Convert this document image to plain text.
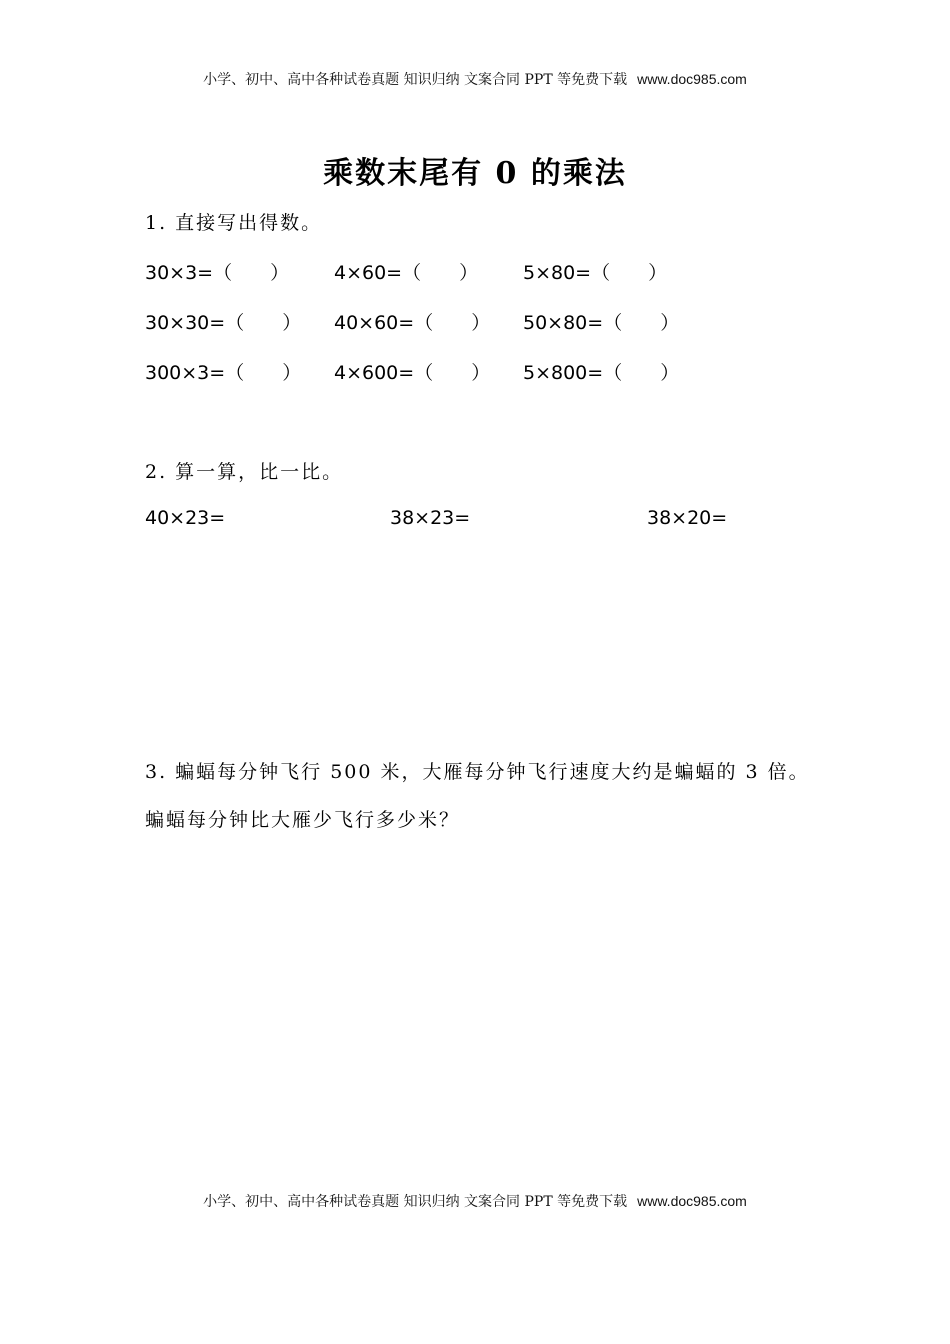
小学、初中、高中各种试卷真题 知识归纳 文案合同 PPT 等免费下载 www.doc985.com
乘数末尾有 0 的乘法
1. 直接写出得数。
30×3=（　　） 4×60=（　　） 5×80=（　　）
30×30=（　　） 40×60=（　　） 50×80=（　　）
300×3=（　　） 4×600=（　　） 5×800=（　　）
2. 算一算，比一比。
40×23=	38×23=	38×20=
3. 蝙蝠每分钟飞行 500 米，大雁每分钟飞行速度大约是蝙蝠的 3 倍。
蝙蝠每分钟比大雁少飞行多少米？
小学、初中、高中各种试卷真题 知识归纳 文案合同 PPT 等免费下载 www.doc985.com
